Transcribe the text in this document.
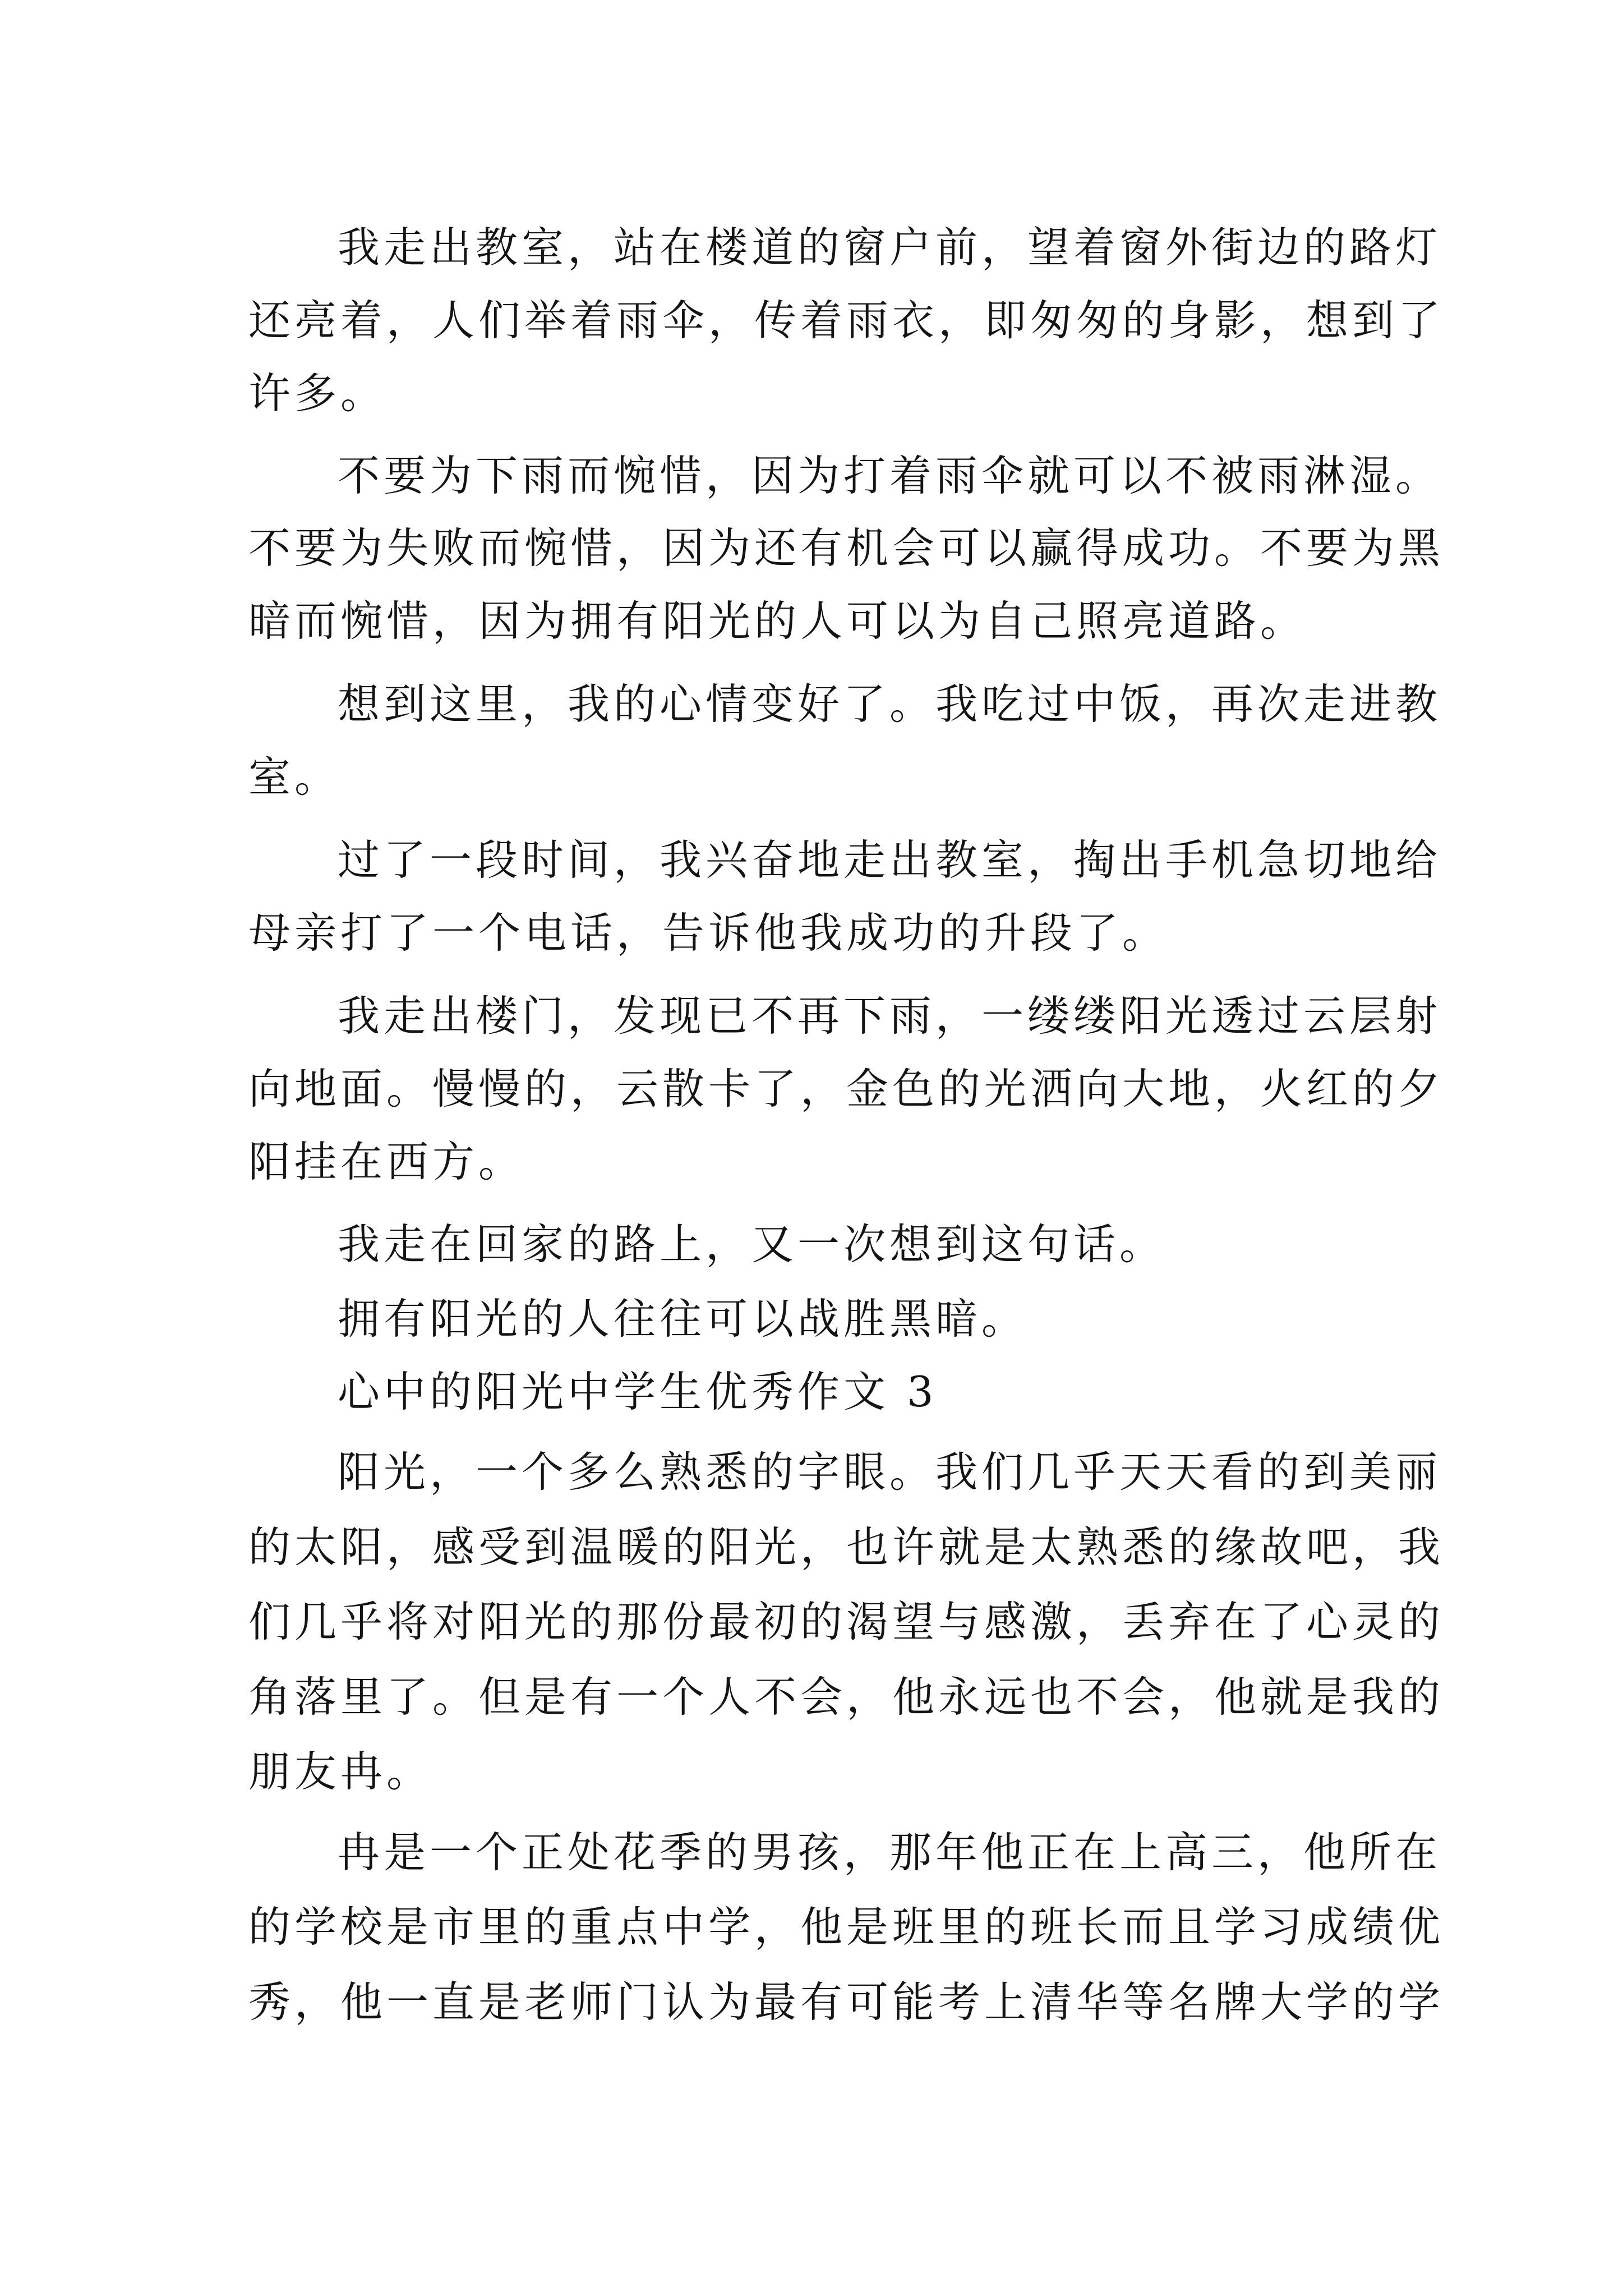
我走出教室，站在楼道的窗户前，望着窗外街边的路灯
还亮着，人们举着雨伞，传着雨衣，即匆匆的身影，想到了
许多。
不要为下雨而惋惜，因为打着雨伞就可以不被雨淋湿。
不要为失败而惋惜，因为还有机会可以赢得成功。不要为黑
暗而惋惜，因为拥有阳光的人可以为自己照亮道路。
想到这里，我的心情变好了。我吃过中饭，再次走进教
室。
过了一段时间，我兴奋地走出教室，掏出手机急切地给
母亲打了一个电话，告诉他我成功的升段了。
我走出楼门，发现已不再下雨，一缕缕阳光透过云层射
向地面。慢慢的，云散卡了，金色的光洒向大地，火红的夕
阳挂在西方。
我走在回家的路上，又一次想到这句话。
拥有阳光的人往往可以战胜黑暗。
心中的阳光中学生优秀作文 3
阳光，一个多么熟悉的字眼。我们几乎天天看的到美丽
的太阳，感受到温暖的阳光，也许就是太熟悉的缘故吧，我
们几乎将对阳光的那份最初的渴望与感激，丢弃在了心灵的
角落里了。但是有一个人不会，他永远也不会，他就是我的
朋友冉。
冉是一个正处花季的男孩，那年他正在上高三，他所在
的学校是市里的重点中学，他是班里的班长而且学习成绩优
秀，他一直是老师门认为最有可能考上清华等名牌大学的学
